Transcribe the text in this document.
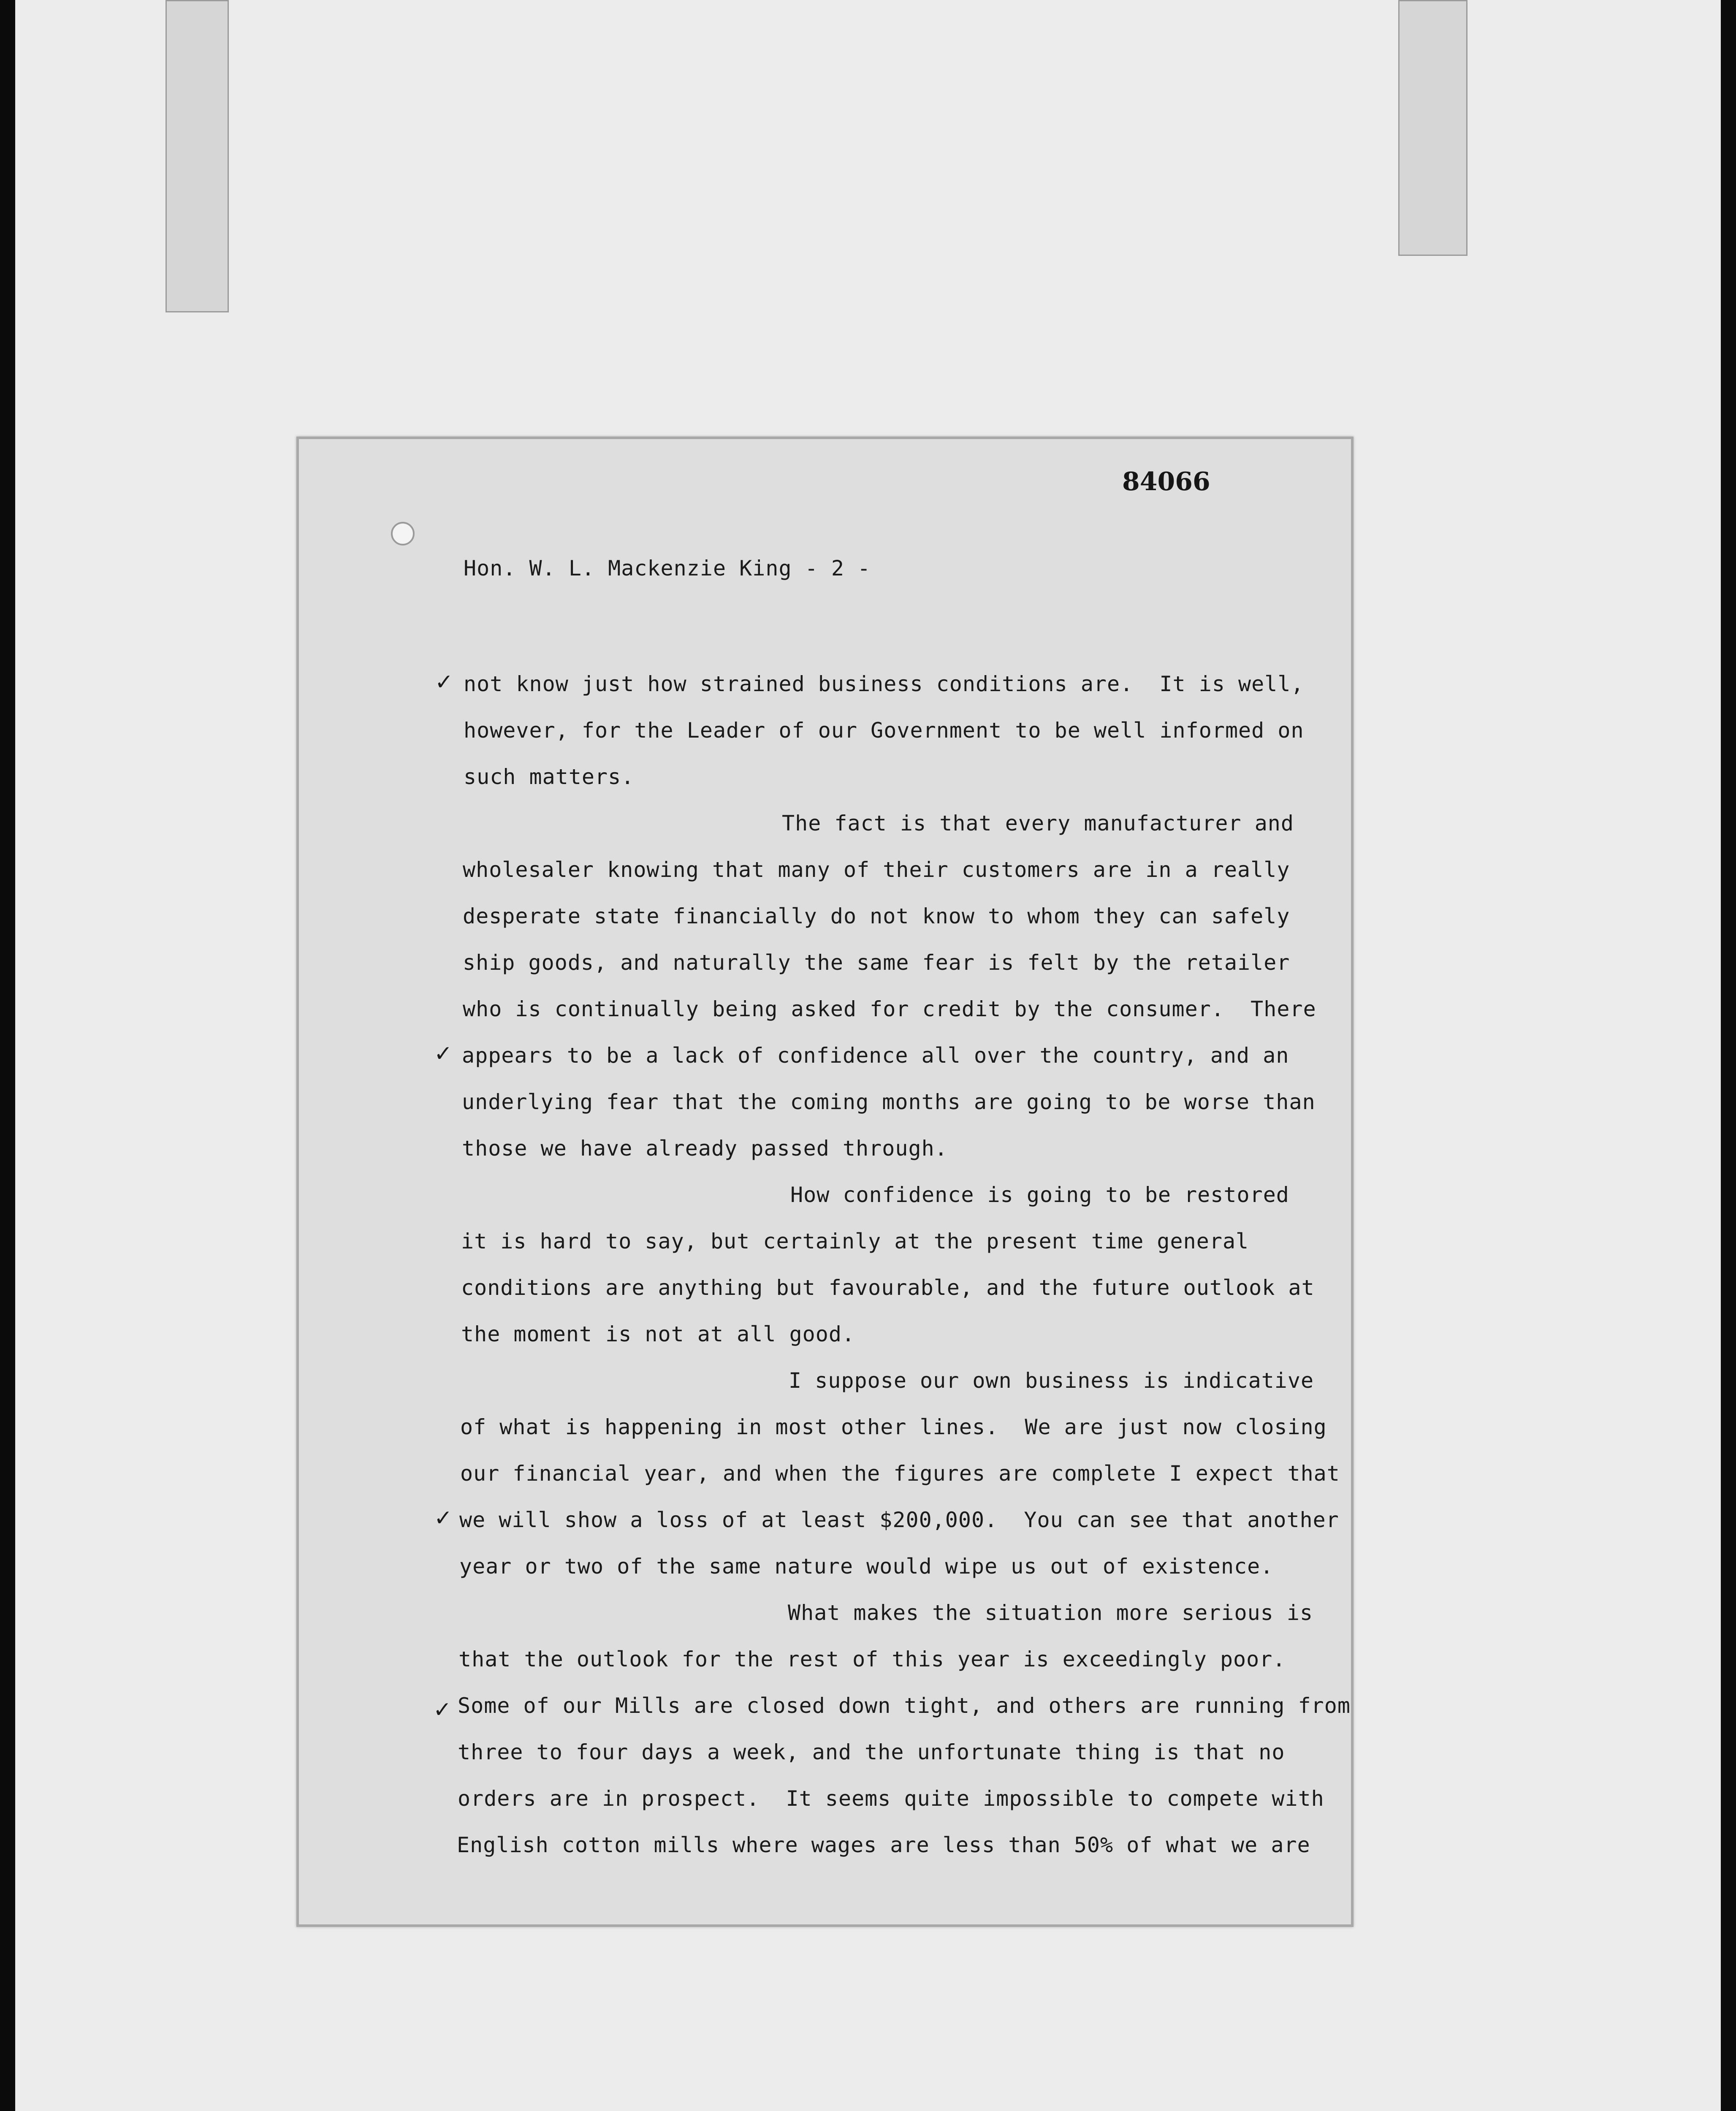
84066
Hon. W. L. Mackenzie King - 2 -
not know just how strained business conditions are.  It is well,
however, for the Leader of our Government to be well informed on
such matters.
The fact is that every manufacturer and
wholesaler knowing that many of their customers are in a really
desperate state financially do not know to whom they can safely
ship goods, and naturally the same fear is felt by the retailer
who is continually being asked for credit by the consumer.  There
appears to be a lack of confidence all over the country, and an
underlying fear that the coming months are going to be worse than
those we have already passed through.
How confidence is going to be restored
it is hard to say, but certainly at the present time general
conditions are anything but favourable, and the future outlook at
the moment is not at all good.
I suppose our own business is indicative
of what is happening in most other lines.  We are just now closing
our financial year, and when the figures are complete I expect that
we will show a loss of at least $200,000.  You can see that another
year or two of the same nature would wipe us out of existence.
What makes the situation more serious is
that the outlook for the rest of this year is exceedingly poor.
Some of our Mills are closed down tight, and others are running from
three to four days a week, and the unfortunate thing is that no
orders are in prospect.  It seems quite impossible to compete with
English cotton mills where wages are less than 50% of what we are
✓
✓
✓
✓
